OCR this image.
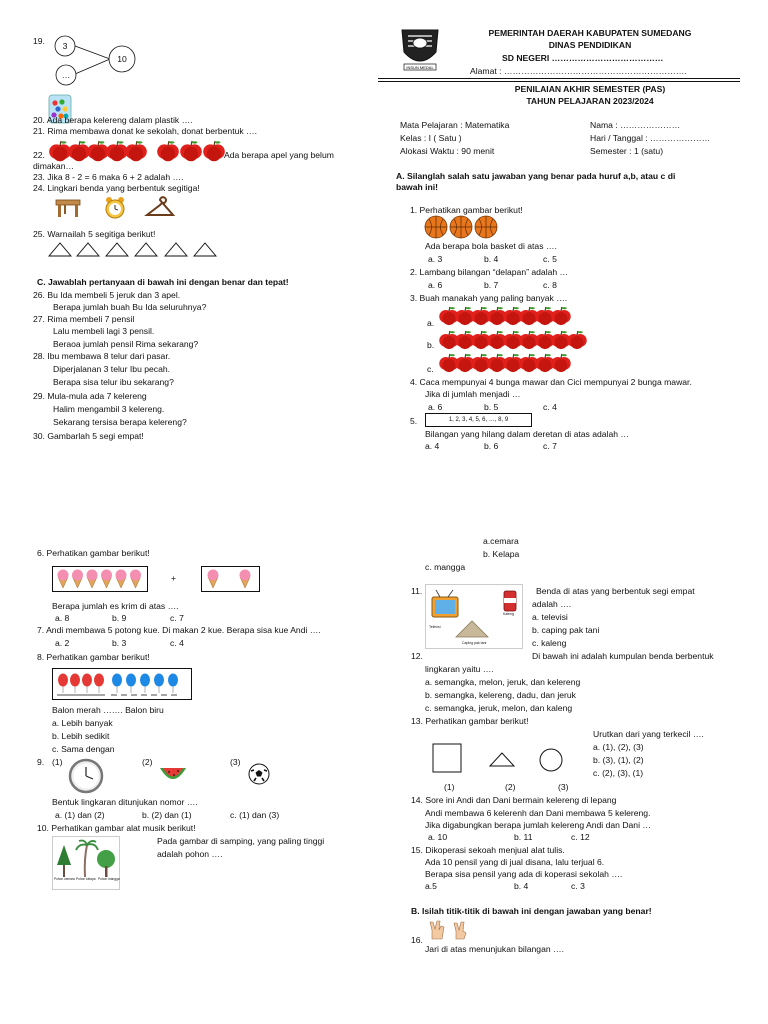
19.	3
…
10
20. Ada berapa kelereng dalam plastik ….
21. Rima membawa donat ke sekolah, donat berbentuk ….
22.	Ada berapa apel yang belum
dimakan…
23. Jika 8 - 2 = 6 maka 6 + 2 adalah ….
24. Lingkari benda yang berbentuk segitiga!
25. Warnailah 5 segitiga berikut!
C. Jawablah pertanyaan di bawah ini dengan benar dan tepat!
26. Bu Ida membeli 5 jeruk dan 3 apel.
Berapa jumlah buah Bu Ida seluruhnya?
27. Rima membeli 7 pensil
Lalu membeli lagi 3 pensil.
Beraoa jumlah pensil Rima sekarang?
28. Ibu membawa 8 telur dari pasar.
Diperjalanan 3 telur Ibu pecah.
Berapa sisa telur ibu sekarang?
29. Mula-mula ada 7 kelereng
Halim mengambil 3 kelereng.
Sekarang tersisa berapa kelereng?
30. Gambarlah 5 segi empat!
INSUN MEDAL
PEMERINTAH DAERAH KABUPATEN SUMEDANG
DINAS PENDIDIKAN
SD NEGERI …………………………………
Alamat : ……………………………………………………….
PENILAIAN AKHIR SEMESTER (PAS)
TAHUN PELAJARAN 2023/2024
Mata Pelajaran : Matematika
Kelas : I ( Satu )
Alokasi Waktu : 90 menit
Nama : …………………
Hari / Tanggal : …………………
Semester : 1 (satu)
A. Silanglah salah satu jawaban yang benar pada huruf a,b, atau c di
bawah ini!
1. Perhatikan gambar berikut!
Ada berapa bola basket di atas ….
a. 3	b. 4	c. 5
2. Lambang bilangan “delapan” adalah …
a. 6	b. 7	c. 8
3. Buah manakah yang paling banyak ….
a.
b.
c.
4. Caca mempunyai 4 bunga mawar dan Cici mempunyai 2 bunga mawar.
Jika di jumlah menjadi …
a. 6	b. 5	c. 4
5.	1, 2, 3, 4, 5, 6, …, 8, 9
Bilangan yang hilang dalam deretan di atas adalah …
a. 4	b. 6	c. 7
6. Perhatikan gambar berikut!
+
Berapa jumlah es krim di atas ….
a. 8	b. 9	c. 7
7. Andi membawa 5 potong kue. Di makan 2 kue. Berapa sisa kue Andi ….
a. 2	b. 3	c. 4
8. Perhatikan gambar berikut!
Balon merah ……. Balon biru
a. Lebih banyak
b. Lebih sedikit
c. Sama dengan
9. (1)	(2)	(3)
Bentuk lingkaran ditunjukan nomor ….
a. (1) dan (2)	b. (2) dan (1)	c. (1) dan (3)
10. Perhatikan gambar alat musik berikut!
Pohon cemara Pohon kelapa Pohon mangga
Pada gambar di samping, yang paling tinggi
adalah pohon ….
a.cemara
b. Kelapa
c. mangga
11.
Televisi
Kaleng
Caping pak tani
Benda di atas yang berbentuk segi empat
adalah ….
a. televisi
b. caping pak tani
c. kaleng
12.	Di bawah ini adalah kumpulan benda berbentuk
lingkaran yaitu ….
a. semangka, melon, jeruk, dan kelereng
b. semangka, kelereng, dadu, dan jeruk
c. semangka, jeruk, melon, dan kaleng
13. Perhatikan gambar berikut!
Urutkan dari yang terkecil ….
a. (1), (2), (3)
b. (3), (1), (2)
c. (2), (3), (1)
(1)	(2)	(3)
14. Sore ini Andi dan Dani bermain kelereng di lepang
Andi membawa 6 kelerenh dan Dani membawa 5 kelereng.
Jika digabungkan berapa jumlah kelereng Andi dan Dani …
a. 10	b. 11	c. 12
15. Dikoperasi sekoah menjual alat tulis.
Ada 10 pensil yang di jual disana, lalu terjual 6.
Berapa sisa pensil yang ada di koperasi sekolah ….
a.5	b. 4	c. 3
B. Isilah titik-titik di bawah ini dengan jawaban yang benar!
16.
Jari di atas menunjukan bilangan ….
